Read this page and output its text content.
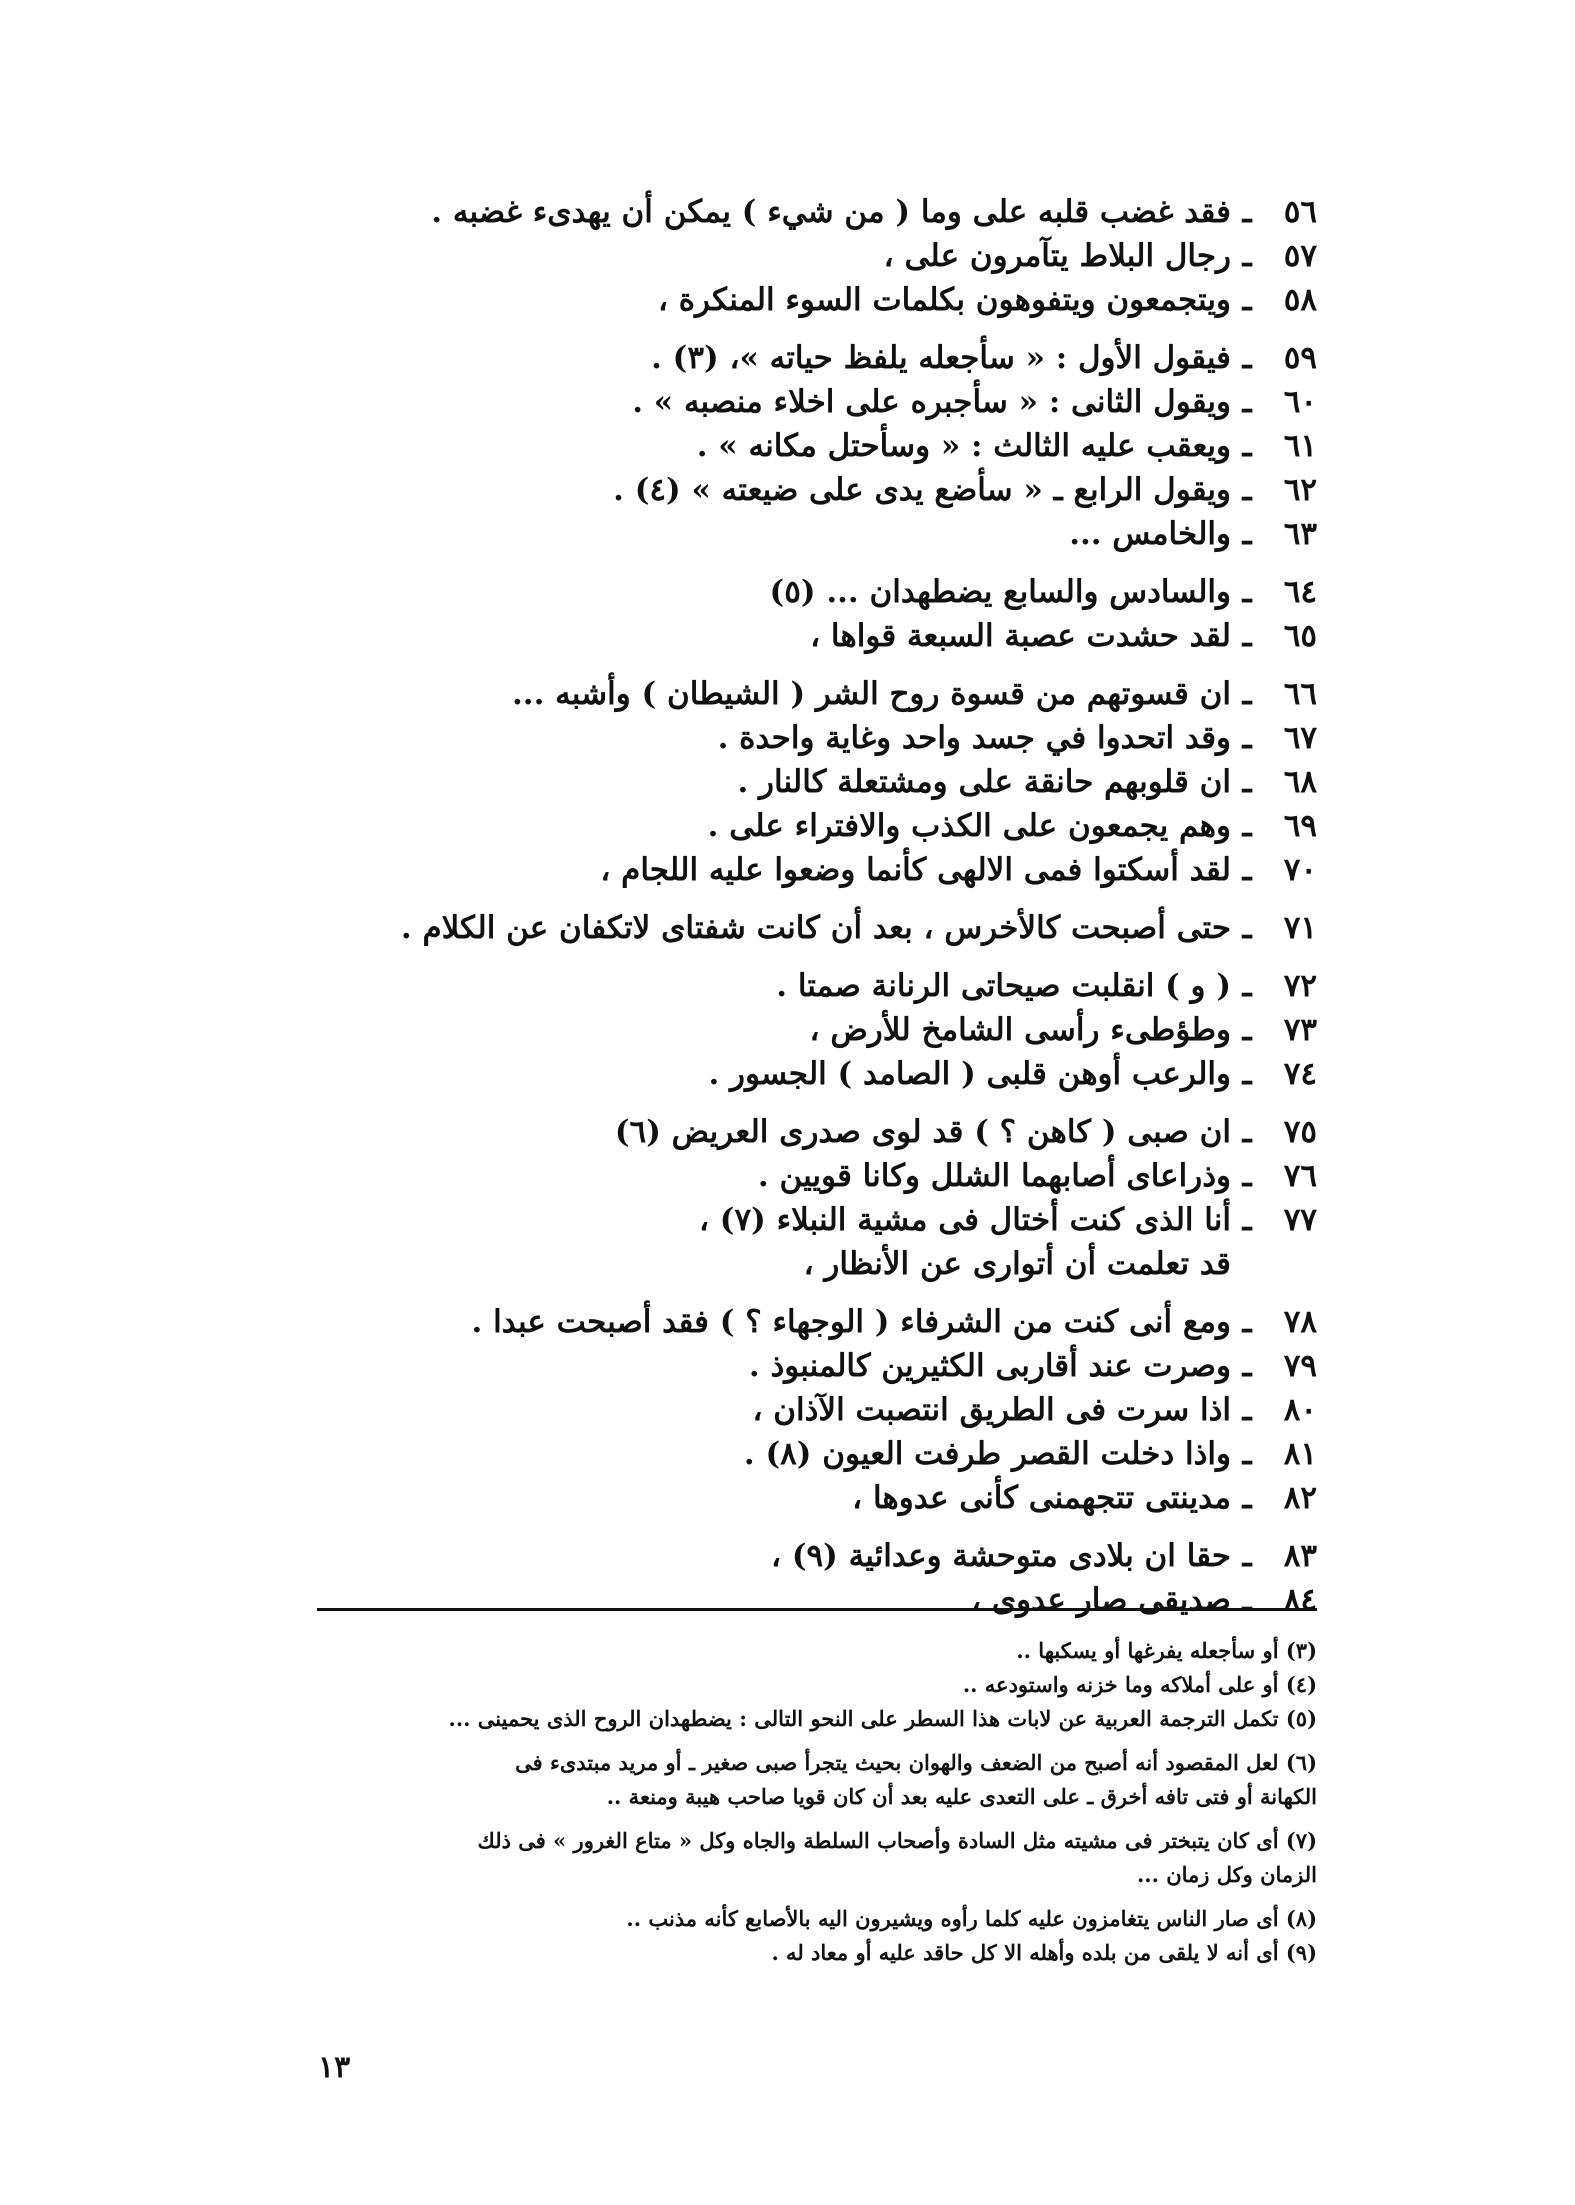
٥٦
ـ
فقد غضب قلبه على وما ( من شيء ) يمكن أن يهدىء غضبه .
٥٧
ـ
رجال البلاط يتآمرون على ،
٥٨
ـ
ويتجمعون ويتفوهون بكلمات السوء المنكرة ،
٥٩
ـ
فيقول الأول : « سأجعله يلفظ حياته »، (٣) .
٦٠
ـ
ويقول الثانى : « سأجبره على اخلاء منصبه » .
٦١
ـ
ويعقب عليه الثالث : « وسأحتل مكانه » .
٦٢
ـ
ويقول الرابع ـ « سأضع يدى على ضيعته » (٤) .
٦٣
ـ
والخامس ...
٦٤
ـ
والسادس والسابع يضطهدان ... (٥)
٦٥
ـ
لقد حشدت عصبة السبعة قواها ،
٦٦
ـ
ان قسوتهم من قسوة روح الشر ( الشيطان ) وأشبه ...
٦٧
ـ
وقد اتحدوا في جسد واحد وغاية واحدة .
٦٨
ـ
ان قلوبهم حانقة على ومشتعلة كالنار .
٦٩
ـ
وهم يجمعون على الكذب والافتراء على .
٧٠
ـ
لقد أسكتوا فمى الالهى كأنما وضعوا عليه اللجام ،
٧١
ـ
حتى أصبحت كالأخرس ، بعد أن كانت شفتاى لاتكفان عن الكلام .
٧٢
ـ
( و ) انقلبت صيحاتى الرنانة صمتا .
٧٣
ـ
وطؤطىء رأسى الشامخ للأرض ،
٧٤
ـ
والرعب أوهن قلبى ( الصامد ) الجسور .
٧٥
ـ
ان صبى ( كاهن ؟ ) قد لوى صدرى العريض (٦)
٧٦
ـ
وذراعاى أصابهما الشلل وكانا قويين .
٧٧
ـ
أنا الذى كنت أختال فى مشية النبلاء (٧) ،
قد تعلمت أن أتوارى عن الأنظار ،
٧٨
ـ
ومع أنى كنت من الشرفاء ( الوجهاء ؟ ) فقد أصبحت عبدا .
٧٩
ـ
وصرت عند أقاربى الكثيرين كالمنبوذ .
٨٠
ـ
اذا سرت فى الطريق انتصبت الآذان ،
٨١
ـ
واذا دخلت القصر طرفت العيون (٨) .
٨٢
ـ
مدينتى تتجهمنى كأنى عدوها ،
٨٣
ـ
حقا ان بلادى متوحشة وعدائية (٩) ،
٨٤
ـ
صديقى صار عدوى ،
(٣) أو سأجعله يفرغها أو يسكبها ..
(٤) أو على أملاكه وما خزنه واستودعه ..
(٥) تكمل الترجمة العربية عن لابات هذا السطر على النحو التالى : يضطهدان الروح الذى يحمينى ...
(٦) لعل المقصود أنه أصبح من الضعف والهوان بحيث يتجرأ صبى صغير ـ أو مريد مبتدىء فى
الكهانة أو فتى تافه أخرق ـ على التعدى عليه بعد أن كان قويا صاحب هيبة ومنعة ..
(٧) أى كان يتبختر فى مشيته مثل السادة وأصحاب السلطة والجاه وكل « متاع الغرور » فى ذلك
الزمان وكل زمان ...
(٨) أى صار الناس يتغامزون عليه كلما رأوه ويشيرون اليه بالأصابع كأنه مذنب ..
(٩) أى أنه لا يلقى من بلده وأهله الا كل حاقد عليه أو معاد له .
١٣
